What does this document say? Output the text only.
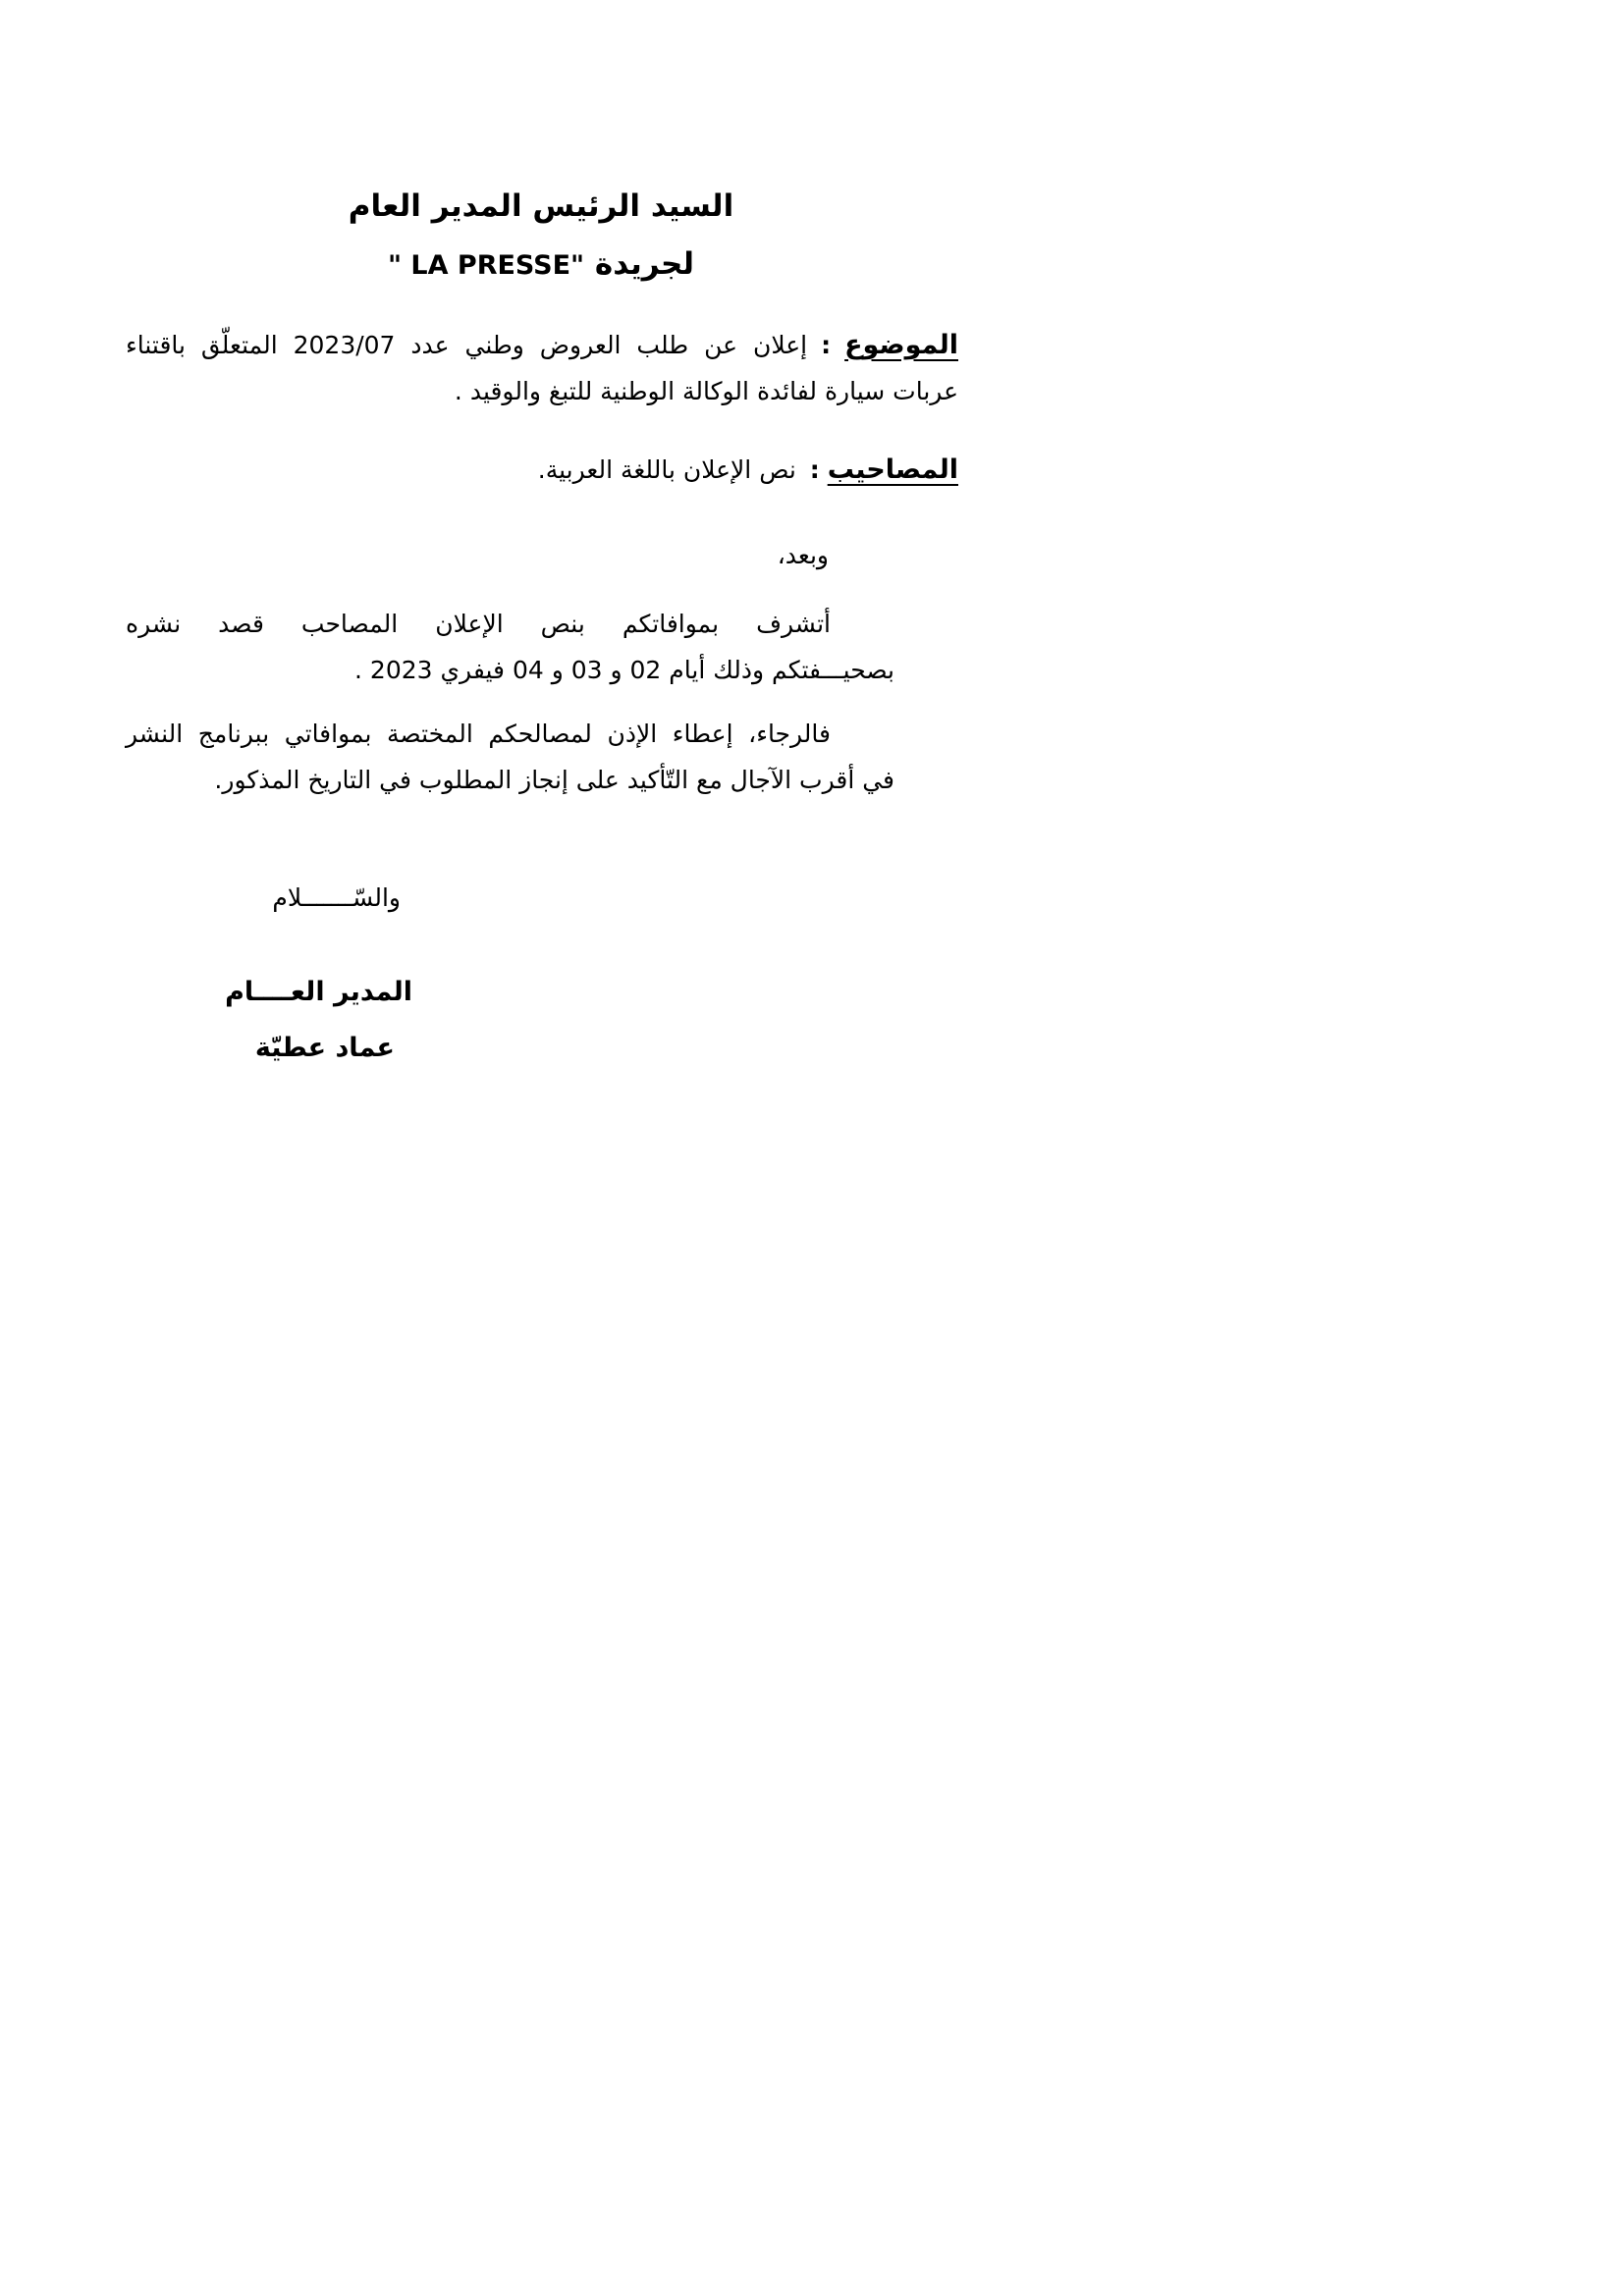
السيد الرئيس المدير العام
لجريدة " LA PRESSE"
الموضوع:إعلان عن طلب العروض وطني عدد 2023/07 المتعلّق باقتناء عربات سيارة لفائدة الوكالة الوطنية للتبغ والوقيد .
المصاحيب : نص الإعلان باللغة العربية.
وبعد،
أتشرف بموافاتكم بنص الإعلان المصاحب قصد نشره
بصحيـــفتكم وذلك أيام 02 و 03 و 04 فيفري 2023 .
فالرجاء، إعطاء الإذن لمصالحكم المختصة بموافاتي ببرنامج النشر
في أقرب الآجال مع التّأكيد على إنجاز المطلوب في التاريخ المذكور.
والسّـــــــلام
المدير العــــام
عماد عطيّة
